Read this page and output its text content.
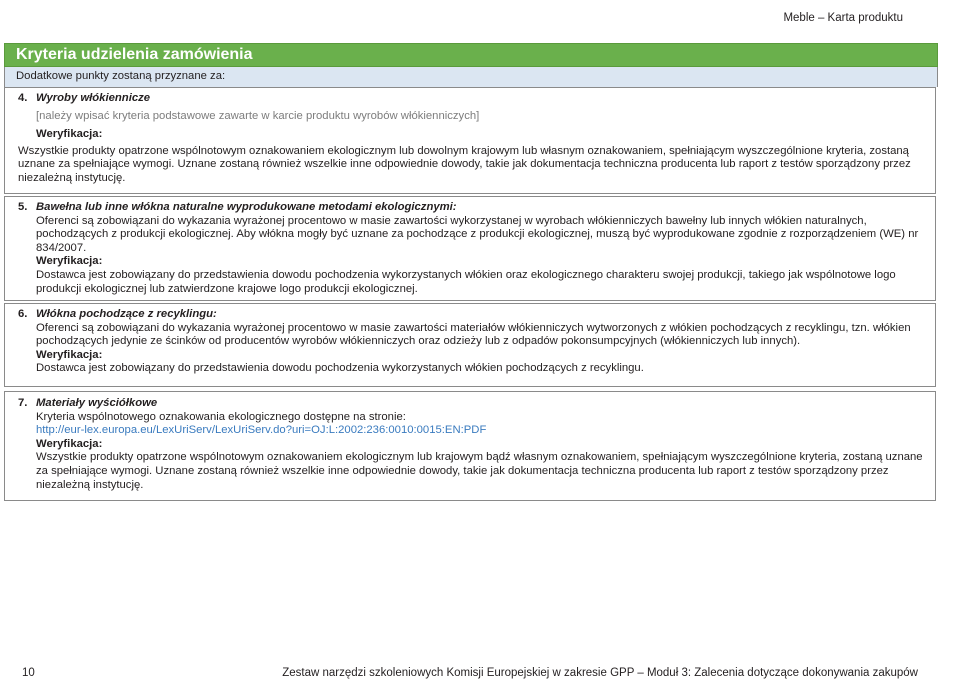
Meble – Karta produktu
Kryteria udzielenia zamówienia
Dodatkowe punkty zostaną przyznane za:

4. Wyroby włókiennicze

[należy wpisać kryteria podstawowe zawarte w karcie produktu wyrobów włókienniczych]

Weryfikacja:

Wszystkie produkty opatrzone wspólnotowym oznakowaniem ekologicznym lub dowolnym krajowym lub własnym oznakowaniem, spełniającym wyszczególnione kryteria, zostaną uznane za spełniające wymogi. Uznane zostaną również wszelkie inne odpowiednie dowody, takie jak dokumentacja techniczna producenta lub raport z testów sporządzony przez niezależną instytucję.

5. Bawełna lub inne włókna naturalne wyprodukowane metodami ekologicznymi:

Oferenci są zobowiązani do wykazania wyrażonej procentowo w masie zawartości wykorzystanej w wyrobach włókienniczych bawełny lub innych włókien naturalnych, pochodzących z produkcji ekologicznej. Aby włókna mogły być uznane za pochodzące z produkcji ekologicznej, muszą być wyprodukowane zgodnie z rozporządzeniem (WE) nr 834/2007.

Weryfikacja:

Dostawca jest zobowiązany do przedstawienia dowodu pochodzenia wykorzystanych włókien oraz ekologicznego charakteru swojej produkcji, takiego jak wspólnotowe logo produkcji ekologicznej lub zatwierdzone krajowe logo produkcji ekologicznej.

6. Włókna pochodzące z recyklingu:

Oferenci są zobowiązani do wykazania wyrażonej procentowo w masie zawartości materiałów włókienniczych wytworzonych z włókien pochodzących z recyklingu, tzn. włókien pochodzących jedynie ze ścinków od producentów wyrobów włókienniczych oraz odzieży lub z odpadów pokonsumpcyjnych (włókienniczych lub innych).

Weryfikacja:

Dostawca jest zobowiązany do przedstawienia dowodu pochodzenia wykorzystanych włókien pochodzących z recyklingu.

7. Materiały wyściółkowe

Kryteria wspólnotowego oznakowania ekologicznego dostępne na stronie:

http://eur-lex.europa.eu/LexUriServ/LexUriServ.do?uri=OJ:L:2002:236:0010:0015:EN:PDF

Weryfikacja:

Wszystkie produkty opatrzone wspólnotowym oznakowaniem ekologicznym lub krajowym bądź własnym oznakowaniem, spełniającym wyszczególnione kryteria, zostaną uznane za spełniające wymogi. Uznane zostaną również wszelkie inne odpowiednie dowody, takie jak dokumentacja techniczna producenta lub raport z testów sporządzony przez niezależną instytucję.

10	Zestaw narzędzi szkoleniowych Komisji Europejskiej w zakresie GPP – Moduł 3: Zalecenia dotyczące dokonywania zakupów
